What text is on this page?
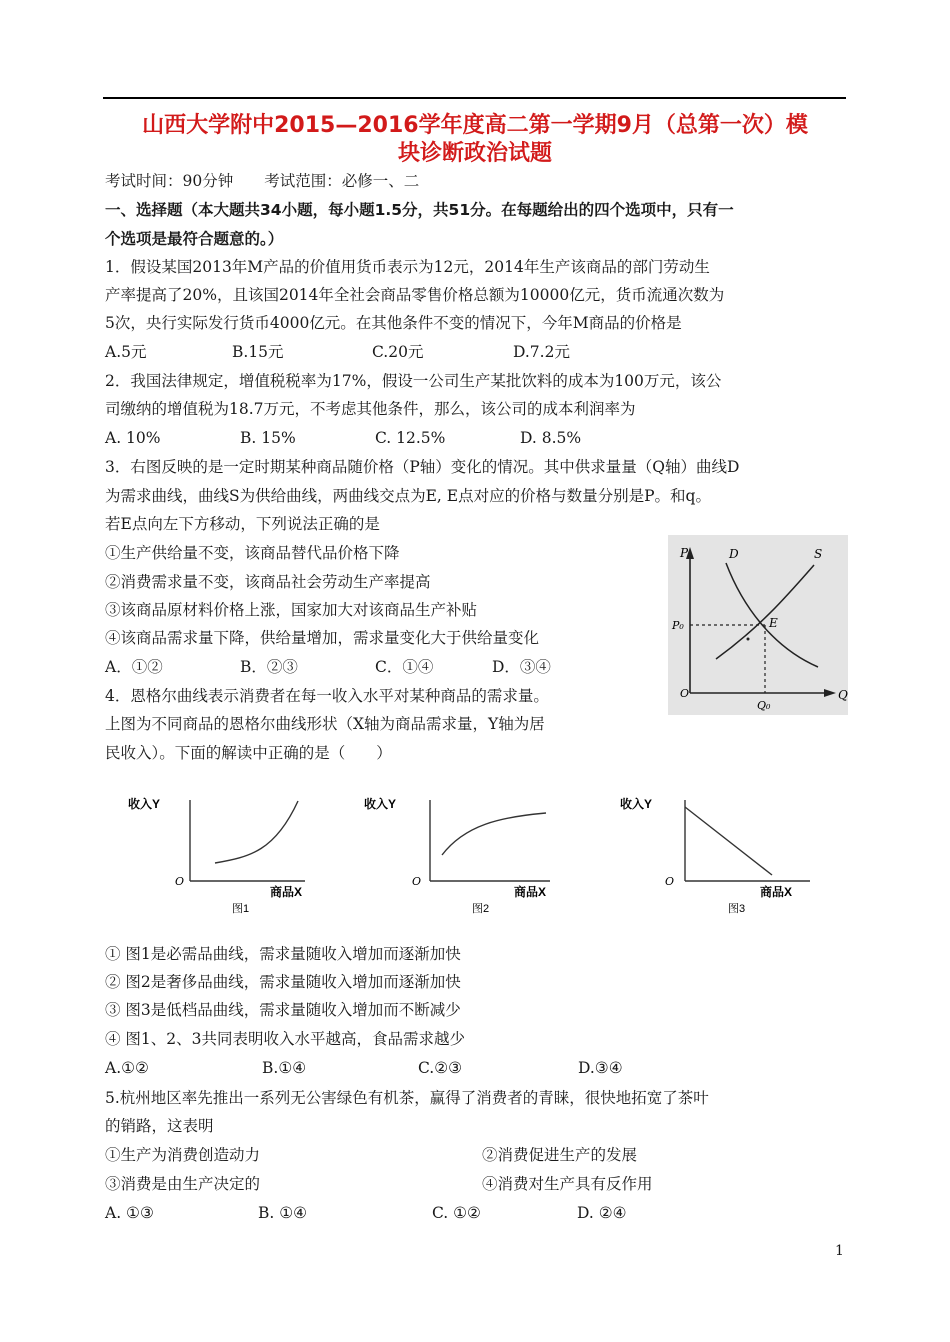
山西大学附中2015—2016学年度高二第一学期9月（总第一次）模
块诊断政治试题
考试时间：90分钟　　考试范围：必修一、二
一、选择题（本大题共34小题，每小题1.5分，共51分。在每题给出的四个选项中，只有一
个选项是最符合题意的。）
1．假设某国2013年M产品的价值用货币表示为12元，2014年生产该商品的部门劳动生
产率提高了20%，且该国2014年全社会商品零售价格总额为10000亿元，货币流通次数为
5次，央行实际发行货币4000亿元。在其他条件不变的情况下，今年M商品的价格是
A.5元	B.15元	C.20元	D.7.2元
2．我国法律规定，增值税税率为17%，假设一公司生产某批饮料的成本为100万元，该公
司缴纳的增值税为18.7万元，不考虑其他条件，那么，该公司的成本利润率为
A. 10%	B. 15%	C. 12.5%	D. 8.5%
3．右图反映的是一定时期某种商品随价格（P轴）变化的情况。其中供求量量（Q轴）曲线D
为需求曲线，曲线S为供给曲线，两曲线交点为E, E点对应的价格与数量分别是P。和q。
若E点向左下方移动，下列说法正确的是
①生产供给量不变，该商品替代品价格下降
②消费需求量不变，该商品社会劳动生产率提高
③该商品原材料价格上涨，国家加大对该商品生产补贴
④该商品需求量下降，供给量增加，需求量变化大于供给量变化
A．①②	B．②③	C．①④	D．③④
P
Q
O
D	S
E
P₀
Q₀
4．恩格尔曲线表示消费者在每一收入水平对某种商品的需求量。
上图为不同商品的恩格尔曲线形状（X轴为商品需求量，Y轴为居
民收入）。下面的解读中正确的是（　　）
收入Y
O
商品X
图1
收入Y
O
商品X
图2
收入Y
O
商品X
图3
① 图1是必需品曲线，需求量随收入增加而逐渐加快
② 图2是奢侈品曲线，需求量随收入增加而逐渐加快
③ 图3是低档品曲线，需求量随收入增加而不断减少
④ 图1、2、3共同表明收入水平越高，食品需求越少
A.①②	B.①④	C.②③	D.③④
5.杭州地区率先推出一系列无公害绿色有机茶，赢得了消费者的青睐，很快地拓宽了茶叶
的销路，这表明
①生产为消费创造动力	②消费促进生产的发展
③消费是由生产决定的	④消费对生产具有反作用
A. ①③	B. ①④	C. ①②	D. ②④
1
